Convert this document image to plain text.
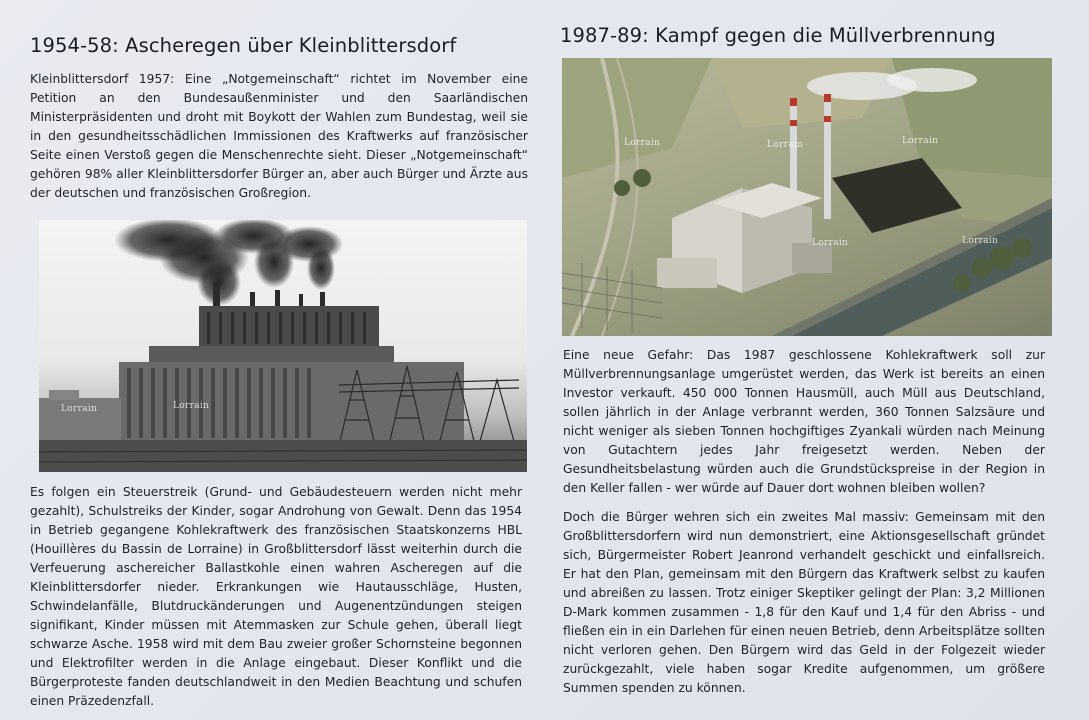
1954-58: Ascheregen über Kleinblittersdorf

Kleinblittersdorf 1957: Eine „Notgemeinschaft“ richtet im November eine Petition an den Bundesaußenminister und den Saarländischen Ministerpräsidenten und droht mit Boykott der Wahlen zum Bundestag, weil sie in den gesundheitsschädlichen Immissionen des Kraftwerks auf französischer Seite einen Verstoß gegen die Menschenrechte sieht. Dieser „Notgemeinschaft“ gehören 98% aller Kleinblittersdorfer Bürger an, aber auch Bürger und Ärzte aus der deutschen und französischen Großregion.

Lorrain
Lorrain

Es folgen ein Steuerstreik (Grund- und Gebäudesteuern werden nicht mehr gezahlt), Schulstreiks der Kinder, sogar Androhung von Gewalt. Denn das 1954 in Betrieb gegangene Kohlekraftwerk des französischen Staatskonzerns HBL (Houillères du Bassin de Lorraine) in Großblittersdorf lässt weiterhin durch die Verfeuerung aschereicher Ballastkohle einen wahren Ascheregen auf die Kleinblittersdorfer nieder. Erkrankungen wie Hautausschläge, Husten, Schwindelanfälle, Blutdruckänderungen und Augenentzündungen steigen signifikant, Kinder müssen mit Atemmasken zur Schule gehen, überall liegt schwarze Asche. 1958 wird mit dem Bau zweier großer Schornsteine begonnen und Elektrofilter werden in die Anlage eingebaut. Dieser Konflikt und die Bürgerproteste fanden deutschlandweit in den Medien Beachtung und schufen einen Präzedenzfall.

1987-89: Kampf gegen die Müllverbrennung
Lorrain	Lorrain	Lorrain
Lorrain	Lorrain

Eine neue Gefahr: Das 1987 geschlossene Kohlekraftwerk soll zur Müllverbrennungsanlage umgerüstet werden, das Werk ist bereits an einen Investor verkauft. 450 000 Tonnen Hausmüll, auch Müll aus Deutschland, sollen jährlich in der Anlage verbrannt werden, 360 Tonnen Salzsäure und nicht weniger als sieben Tonnen hochgiftiges Zyankali würden nach Meinung von Gutachtern jedes Jahr freigesetzt werden. Neben der Gesundheitsbelastung würden auch die Grundstückspreise in der Region in den Keller fallen - wer würde auf Dauer dort wohnen bleiben wollen?

Doch die Bürger wehren sich ein zweites Mal massiv: Gemeinsam mit den Großblittersdorfern wird nun demonstriert, eine Aktionsgesellschaft gründet sich, Bürgermeister Robert Jeanrond verhandelt geschickt und einfallsreich. Er hat den Plan, gemeinsam mit den Bürgern das Kraftwerk selbst zu kaufen und abreißen zu lassen. Trotz einiger Skeptiker gelingt der Plan: 3,2 Millionen D-Mark kommen zusammen - 1,8 für den Kauf und 1,4 für den Abriss - und fließen ein in ein Darlehen für einen neuen Betrieb, denn Arbeitsplätze sollten nicht verloren gehen. Den Bürgern wird das Geld in der Folgezeit wieder zurückgezahlt, viele haben sogar Kredite aufgenommen, um größere Summen spenden zu können.
